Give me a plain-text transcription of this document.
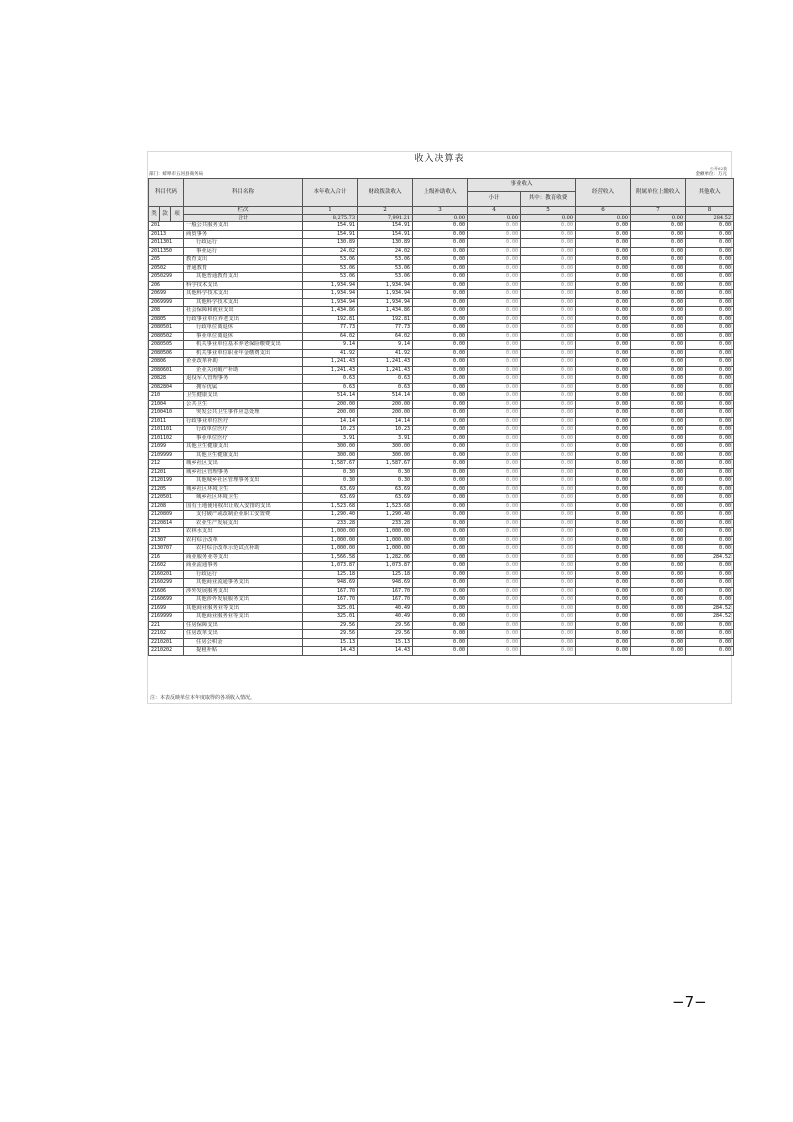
收入决算表
公开02表
部门：蚌埠市五河县商务局	金额单位：万元
科目代码			科目名称	本年收入合计	财政拨款收入	上级补助收入	事业收入		经营收入	附属单位上缴收入	其他收入
							小计	其中：教育收费			
类	款	项	栏次	1	2	3	4	5	6	7	8
			合计	8,275.73	7,991.21	0.00	0.00	0.00	0.00	0.00	284.52
201			一般公共服务支出	154.91	154.91	0.00	0.00	0.00	0.00	0.00	0.00
20113			商贸事务	154.91	154.91	0.00	0.00	0.00	0.00	0.00	0.00
2011301			行政运行	130.89	130.89	0.00	0.00	0.00	0.00	0.00	0.00
2011350			事业运行	24.02	24.02	0.00	0.00	0.00	0.00	0.00	0.00
205			教育支出	53.06	53.06	0.00	0.00	0.00	0.00	0.00	0.00
20502			普通教育	53.06	53.06	0.00	0.00	0.00	0.00	0.00	0.00
2050299			其他普通教育支出	53.06	53.06	0.00	0.00	0.00	0.00	0.00	0.00
206			科学技术支出	1,934.94	1,934.94	0.00	0.00	0.00	0.00	0.00	0.00
20699			其他科学技术支出	1,934.94	1,934.94	0.00	0.00	0.00	0.00	0.00	0.00
2069999			其他科学技术支出	1,934.94	1,934.94	0.00	0.00	0.00	0.00	0.00	0.00
208			社会保障和就业支出	1,434.86	1,434.86	0.00	0.00	0.00	0.00	0.00	0.00
20805			行政事业单位养老支出	192.81	192.81	0.00	0.00	0.00	0.00	0.00	0.00
2080501			行政单位离退休	77.73	77.73	0.00	0.00	0.00	0.00	0.00	0.00
2080502			事业单位离退休	64.02	64.02	0.00	0.00	0.00	0.00	0.00	0.00
2080505			机关事业单位基本养老保险缴费支出	9.14	9.14	0.00	0.00	0.00	0.00	0.00	0.00
2080506			机关事业单位职业年金缴费支出	41.92	41.92	0.00	0.00	0.00	0.00	0.00	0.00
20806			企业改革补助	1,241.43	1,241.43	0.00	0.00	0.00	0.00	0.00	0.00
2080601			企业关闭破产补助	1,241.43	1,241.43	0.00	0.00	0.00	0.00	0.00	0.00
20828			退役军人管理事务	0.63	0.63	0.00	0.00	0.00	0.00	0.00	0.00
2082804			拥军优属	0.63	0.63	0.00	0.00	0.00	0.00	0.00	0.00
210			卫生健康支出	514.14	514.14	0.00	0.00	0.00	0.00	0.00	0.00
21004			公共卫生	200.00	200.00	0.00	0.00	0.00	0.00	0.00	0.00
2100410			突发公共卫生事件应急处理	200.00	200.00	0.00	0.00	0.00	0.00	0.00	0.00
21011			行政事业单位医疗	14.14	14.14	0.00	0.00	0.00	0.00	0.00	0.00
2101101			行政单位医疗	10.23	10.23	0.00	0.00	0.00	0.00	0.00	0.00
2101102			事业单位医疗	3.91	3.91	0.00	0.00	0.00	0.00	0.00	0.00
21099			其他卫生健康支出	300.00	300.00	0.00	0.00	0.00	0.00	0.00	0.00
2109999			其他卫生健康支出	300.00	300.00	0.00	0.00	0.00	0.00	0.00	0.00
212			城乡社区支出	1,587.67	1,587.67	0.00	0.00	0.00	0.00	0.00	0.00
21201			城乡社区管理事务	0.30	0.30	0.00	0.00	0.00	0.00	0.00	0.00
2120199			其他城乡社区管理事务支出	0.30	0.30	0.00	0.00	0.00	0.00	0.00	0.00
21205			城乡社区环境卫生	63.69	63.69	0.00	0.00	0.00	0.00	0.00	0.00
2120501			城乡社区环境卫生	63.69	63.69	0.00	0.00	0.00	0.00	0.00	0.00
21208			国有土地使用权出让收入安排的支出	1,523.68	1,523.68	0.00	0.00	0.00	0.00	0.00	0.00
2120809			支付破产或改制企业职工安置费	1,290.40	1,290.40	0.00	0.00	0.00	0.00	0.00	0.00
2120814			农业生产发展支出	233.28	233.28	0.00	0.00	0.00	0.00	0.00	0.00
213			农林水支出	1,000.00	1,000.00	0.00	0.00	0.00	0.00	0.00	0.00
21307			农村综合改革	1,000.00	1,000.00	0.00	0.00	0.00	0.00	0.00	0.00
2130707			农村综合改革示范试点补助	1,000.00	1,000.00	0.00	0.00	0.00	0.00	0.00	0.00
216			商业服务业等支出	1,566.58	1,282.06	0.00	0.00	0.00	0.00	0.00	284.52
21602			商业流通事务	1,073.87	1,073.87	0.00	0.00	0.00	0.00	0.00	0.00
2160201			行政运行	125.18	125.18	0.00	0.00	0.00	0.00	0.00	0.00
2160299			其他商业流通事务支出	948.69	948.69	0.00	0.00	0.00	0.00	0.00	0.00
21606			涉外发展服务支出	167.70	167.70	0.00	0.00	0.00	0.00	0.00	0.00
2160699			其他涉外发展服务支出	167.70	167.70	0.00	0.00	0.00	0.00	0.00	0.00
21699			其他商业服务业等支出	325.01	40.49	0.00	0.00	0.00	0.00	0.00	284.52
2169999			其他商业服务业等支出	325.01	40.49	0.00	0.00	0.00	0.00	0.00	284.52
221			住房保障支出	29.56	29.56	0.00	0.00	0.00	0.00	0.00	0.00
22102			住房改革支出	29.56	29.56	0.00	0.00	0.00	0.00	0.00	0.00
2210201			住房公积金	15.13	15.13	0.00	0.00	0.00	0.00	0.00	0.00
2210202			提租补贴	14.43	14.43	0.00	0.00	0.00	0.00	0.00	0.00
注：本表反映单位本年度取得的各项收入情况。
−7−
